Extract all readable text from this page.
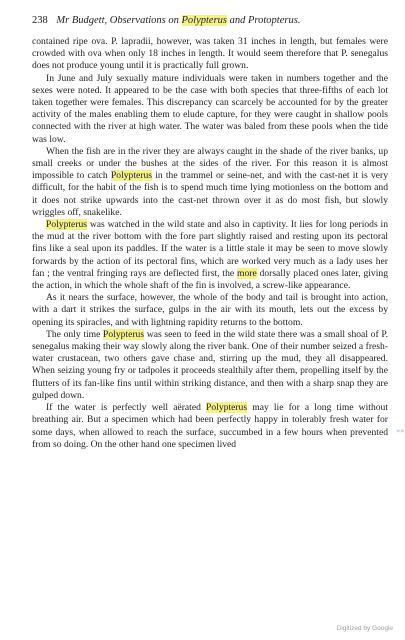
238 Mr Budgett, Observations on Polypterus and Protopterus.

contained ripe ova. P. lapradii, however, was taken 31 inches in length, but females were crowded with ova when only 18 inches in length. It would seem therefore that P. senegalus does not produce young until it is practically full grown.

In June and July sexually mature individuals were taken in numbers together and the sexes were noted. It appeared to be the case with both species that three-fifths of each lot taken together were females. This discrepancy can scarcely be accounted for by the greater activity of the males enabling them to elude capture, for they were caught in shallow pools connected with the river at high water. The water was baled from these pools when the tide was low.

When the fish are in the river they are always caught in the shade of the river banks, up small creeks or under the bushes at the sides of the river. For this reason it is almost impossible to catch Polypterus in the trammel or seine-net, and with the cast-net it is very difficult, for the habit of the fish is to spend much time lying motionless on the bottom and it does not strike upwards into the cast-net thrown over it as do most fish, but slowly wriggles off, snakelike.

Polypterus was watched in the wild state and also in captivity. It lies for long periods in the mud at the river bottom with the fore part slightly raised and resting upon its pectoral fins like a seal upon its paddles. If the water is a little stale it may be seen to move slowly forwards by the action of its pectoral fins, which are worked very much as a lady uses her fan ; the ventral fringing rays are deflected first, the more dorsally placed ones later, giving the action, in which the whole shaft of the fin is involved, a screw-like appearance.

As it nears the surface, however, the whole of the body and tail is brought into action, with a dart it strikes the surface, gulps in the air with its mouth, lets out the excess by opening its spiracles, and with lightning rapidity returns to the bottom.

The only time Polypterus was seen to feed in the wild state there was a small shoal of P. senegalus making their way slowly along the river bank. One of their number seized a fresh-water crustacean, two others gave chase and, stirring up the mud, they all disappeared. When seizing young fry or tadpoles it proceeds stealthily after them, propelling itself by the flutters of its fan-like fins until within striking distance, and then with a sharp snap they are gulped down.

If the water is perfectly well aërated Polypterus may lie for a long time without breathing air. But a specimen which had been perfectly happy in tolerably fresh water for some days, when allowed to reach the surface, succumbed in a few hours when prevented from so doing. On the other hand one specimen lived

»»
Digitized by Google
